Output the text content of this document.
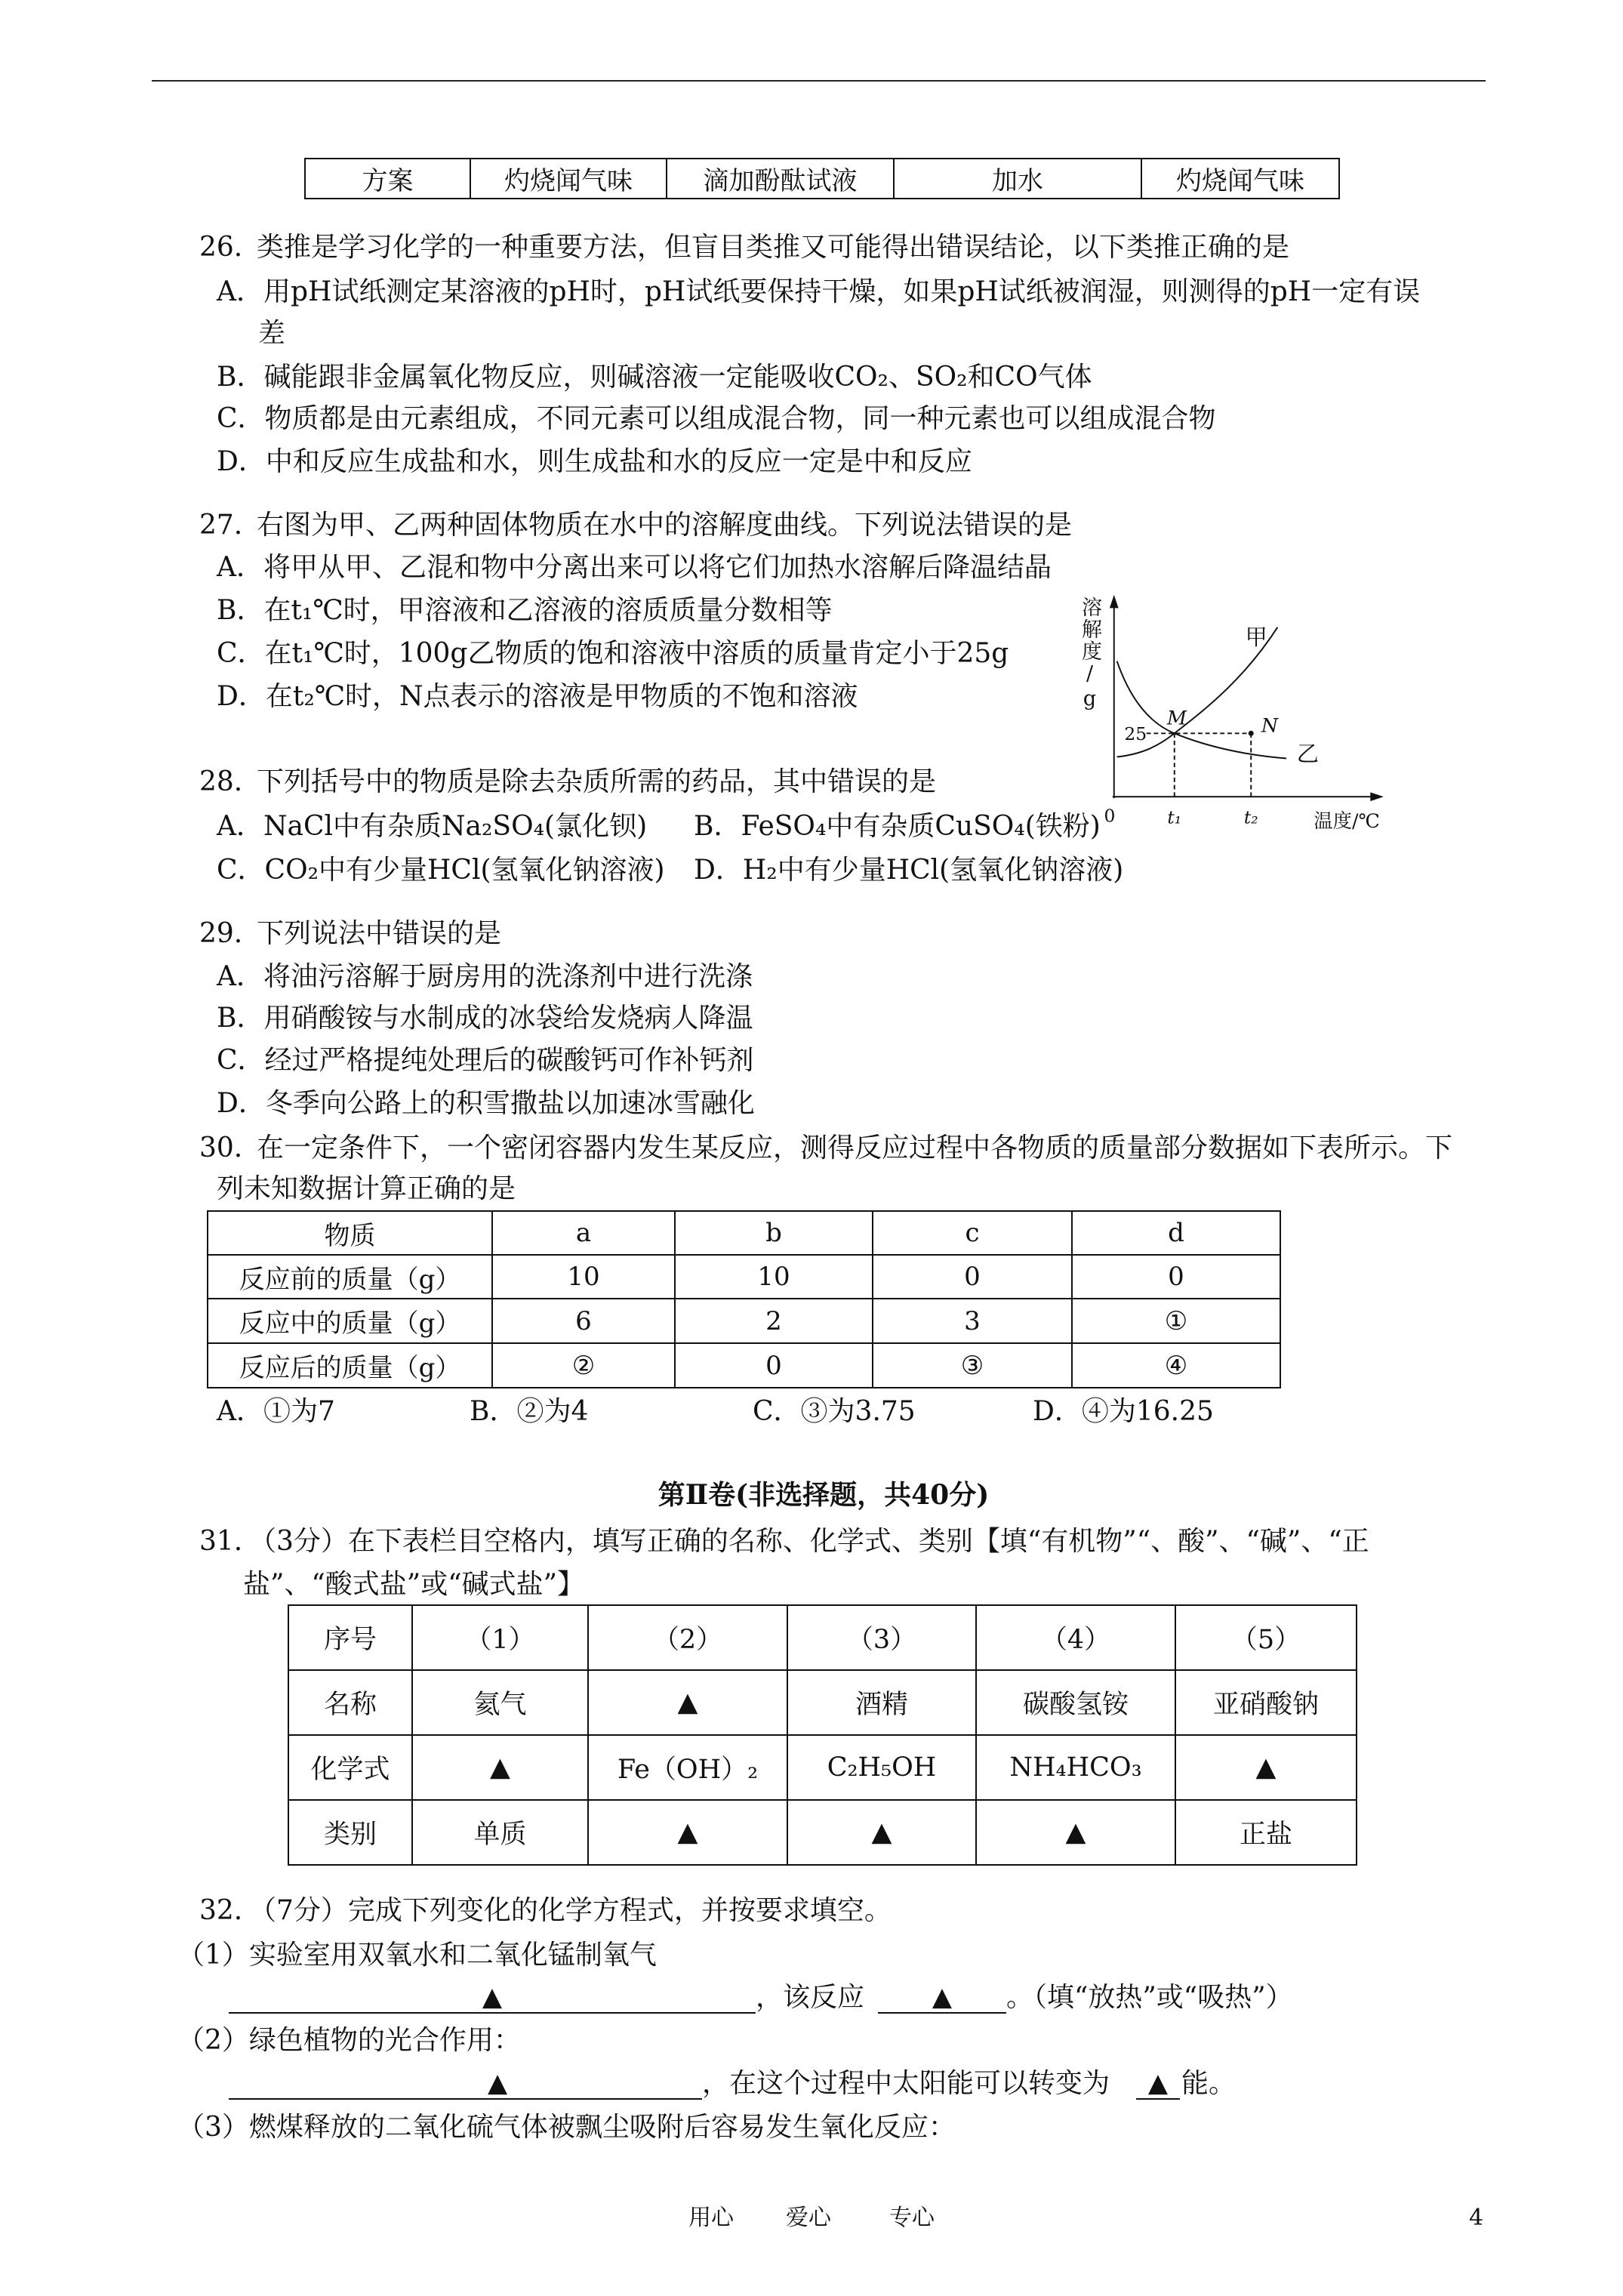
方案	灼烧闻气味	滴加酚酞试液	加水	灼烧闻气味
26. 类推是学习化学的一种重要方法，但盲目类推又可能得出错误结论，以下类推正确的是
A．用pH试纸测定某溶液的pH时，pH试纸要保持干燥，如果pH试纸被润湿，则测得的pH一定有误
差
B．碱能跟非金属氧化物反应，则碱溶液一定能吸收CO₂、SO₂和CO气体
C．物质都是由元素组成，不同元素可以组成混合物，同一种元素也可以组成混合物
D．中和反应生成盐和水，则生成盐和水的反应一定是中和反应
27. 右图为甲、乙两种固体物质在水中的溶解度曲线。下列说法错误的是
A．将甲从甲、乙混和物中分离出来可以将它们加热水溶解后降温结晶
B．在t₁℃时，甲溶液和乙溶液的溶质质量分数相等
C．在t₁℃时，100g乙物质的饱和溶液中溶质的质量肯定小于25g
D．在t₂℃时，N点表示的溶液是甲物质的不饱和溶液	溶解度/g
25
M	N
甲
乙
0	t₁	t₂	温度/℃
28. 下列括号中的物质是除去杂质所需的药品，其中错误的是
A．NaCl中有杂质Na₂SO₄(氯化钡) B．FeSO₄中有杂质CuSO₄(铁粉)
C．CO₂中有少量HCl(氢氧化钠溶液) D．H₂中有少量HCl(氢氧化钠溶液)
29. 下列说法中错误的是
A．将油污溶解于厨房用的洗涤剂中进行洗涤
B．用硝酸铵与水制成的冰袋给发烧病人降温
C．经过严格提纯处理后的碳酸钙可作补钙剂
D．冬季向公路上的积雪撒盐以加速冰雪融化
30. 在一定条件下，一个密闭容器内发生某反应，测得反应过程中各物质的质量部分数据如下表所示。下
列未知数据计算正确的是
物质	a	b	c	d
反应前的质量（g）	10	10	0	0
反应中的质量（g）	6	2	3	①
反应后的质量（g）	②	0	③	④
A．①为7	B．②为4	C．③为3.75	D．④为16.25
第Ⅱ卷(非选择题，共40分)
31. （3分）在下表栏目空格内，填写正确的名称、化学式、类别【填“有机物”“、酸”、“碱”、“正
盐”、“酸式盐”或“碱式盐”】
序号	（1）	（2）	（3）	（4）	（5）
名称	氦气	▲	酒精	碳酸氢铵	亚硝酸钠
化学式	▲	Fe（OH）₂	C₂H₅OH	NH₄HCO₃	▲
类别	单质	▲	▲	▲	正盐
32. （7分）完成下列变化的化学方程式，并按要求填空。
（1）实验室用双氧水和二氧化锰制氧气
▲	，该反应	▲	。（填“放热”或“吸热”）
（2）绿色植物的光合作用：
▲	，在这个过程中太阳能可以转变为	▲ 能。
（3）燃煤释放的二氧化硫气体被飘尘吸附后容易发生氧化反应：
用心 爱心	专心	4
